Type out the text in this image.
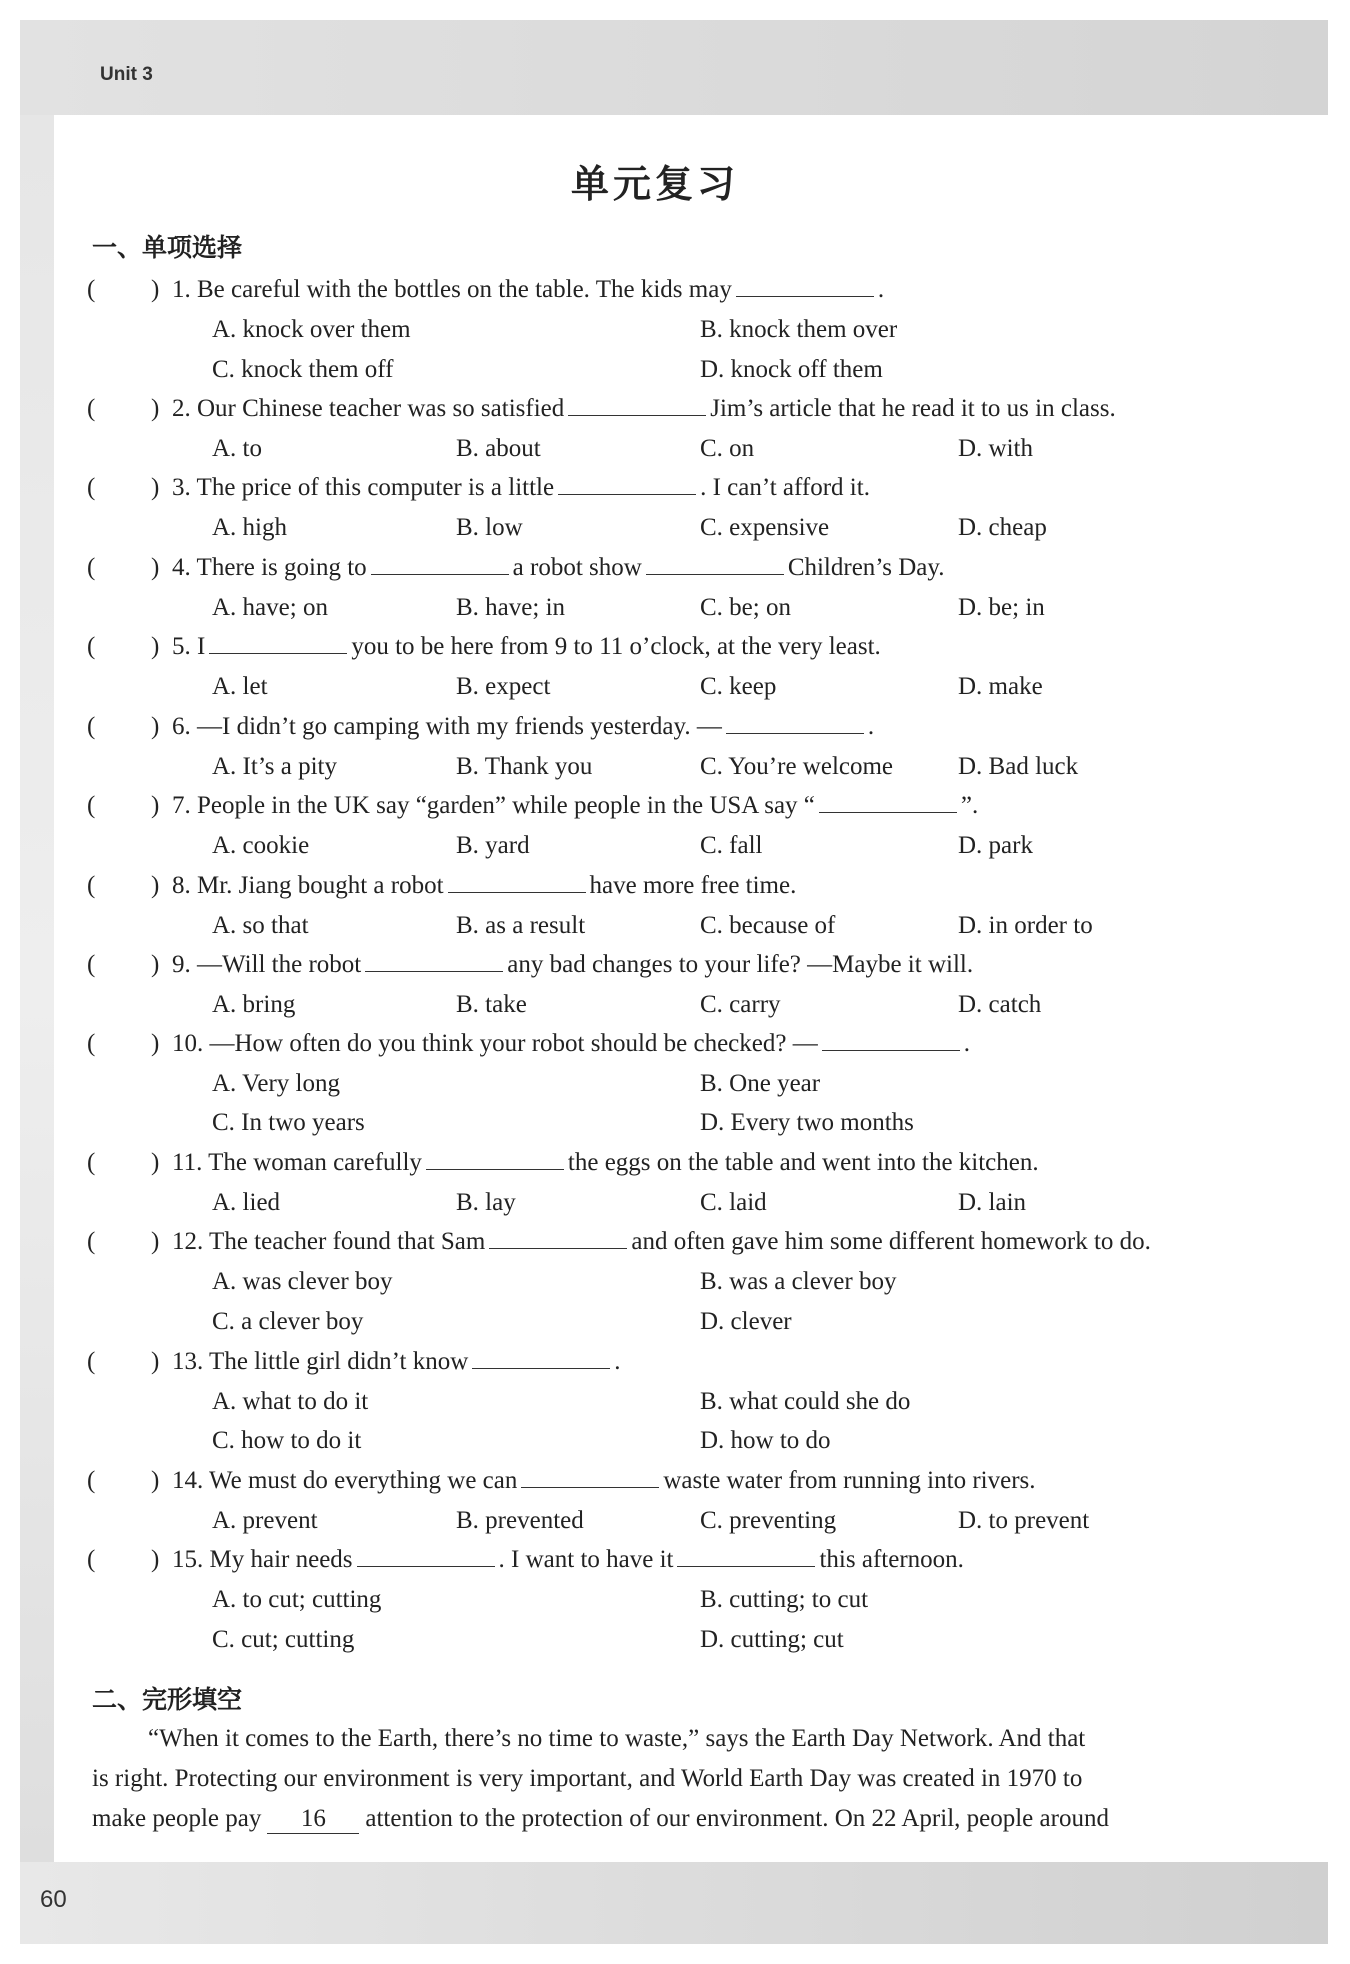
Unit 3
60
单元复习
一、单项选择
( ) 1. Be careful with the bottles on the table. The kids may	.
A. knock over them	B. knock them over
C. knock them off	D. knock off them
( ) 2. Our Chinese teacher was so satisfied	Jim’s article that he read it to us in class.
A. to	B. about	C. on	D. with
( ) 3. The price of this computer is a little	. I can’t afford it.
A. high	B. low	C. expensive	D. cheap
( ) 4. There is going to	a robot show	Children’s Day.
A. have; on	B. have; in	C. be; on	D. be; in
( ) 5. I	you to be here from 9 to 11 o’clock, at the very least.
A. let	B. expect	C. keep	D. make
( ) 6. —I didn’t go camping with my friends yesterday. —	.
A. It’s a pity	B. Thank you	C. You’re welcome	D. Bad luck
( ) 7. People in the UK say “garden” while people in the USA say “	”.
A. cookie	B. yard	C. fall	D. park
( ) 8. Mr. Jiang bought a robot	have more free time.
A. so that	B. as a result	C. because of	D. in order to
( ) 9. —Will the robot	any bad changes to your life? —Maybe it will.
A. bring	B. take	C. carry	D. catch
( ) 10. —How often do you think your robot should be checked? —	.
A. Very long	B. One year
C. In two years	D. Every two months
( ) 11. The woman carefully	the eggs on the table and went into the kitchen.
A. lied	B. lay	C. laid	D. lain
( ) 12. The teacher found that Sam	and often gave him some different homework to do.
A. was clever boy	B. was a clever boy
C. a clever boy	D. clever
( ) 13. The little girl didn’t know	.
A. what to do it	B. what could she do
C. how to do it	D. how to do
( ) 14. We must do everything we can	waste water from running into rivers.
A. prevent	B. prevented	C. preventing	D. to prevent
( ) 15. My hair needs	. I want to have it	this afternoon.
A. to cut; cutting	B. cutting; to cut
C. cut; cutting	D. cutting; cut
二、完形填空
“When it comes to the Earth, there’s no time to waste,” says the Earth Day Network. And that
is right. Protecting our environment is very important, and World Earth Day was created in 1970 to
make people pay 16 attention to the protection of our environment. On 22 April, people around
